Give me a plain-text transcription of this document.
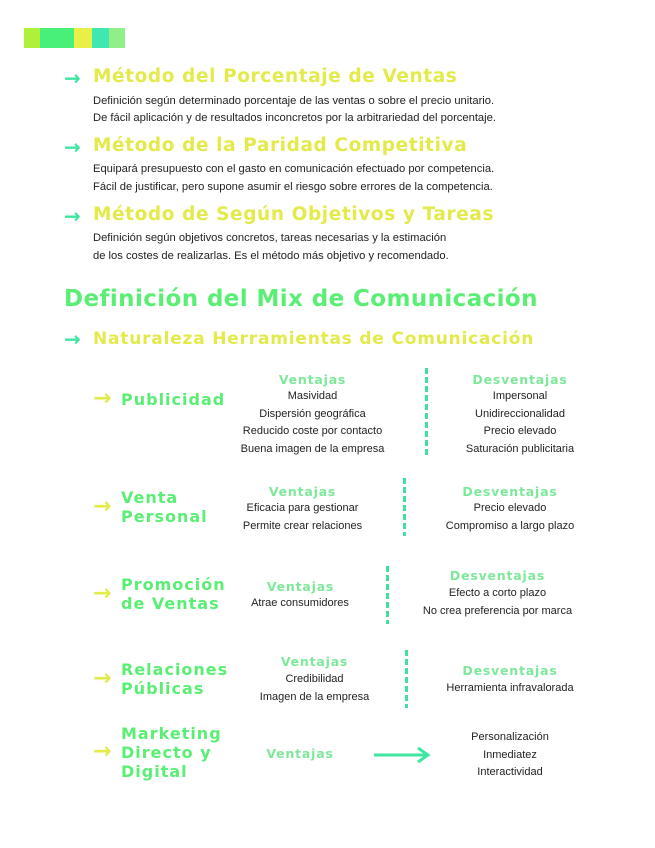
→ Método del Porcentaje de Ventas
Definición según determinado porcentaje de las ventas o sobre el precio unitario.
De fácil aplicación y de resultados inconcretos por la arbitrariedad del porcentaje.
→ Método de la Paridad Competitiva
Equipará presupuesto con el gasto en comunicación efectuado por competencia.
Fácil de justificar, pero supone asumir el riesgo sobre errores de la competencia.
→ Método de Según Objetivos y Tareas
Definición según objetivos concretos, tareas necesarias y la estimación
de los costes de realizarlas. Es el método más objetivo y recomendado.
Definición del Mix de Comunicación
→ Naturaleza Herramientas de Comunicación
→ Publicidad
Ventajas
Masividad
Dispersión geográfica
Reducido coste por contacto
Buena imagen de la empresa
Desventajas
Impersonal
Unidireccionalidad
Precio elevado
Saturación publicitaria
→ Venta
Personal
Ventajas
Eficacia para gestionar
Permite crear relaciones
Desventajas
Precio elevado
Compromiso a largo plazo
→ Promoción
de Ventas
Ventajas
Atrae consumidores
Desventajas
Efecto a corto plazo
No crea preferencia por marca
→ Relaciones
Públicas
Ventajas
Credibilidad
Imagen de la empresa
Desventajas
Herramienta infravalorada
→
Marketing
Directo y
Digital
Ventajas
Personalización
Inmediatez
Interactividad
